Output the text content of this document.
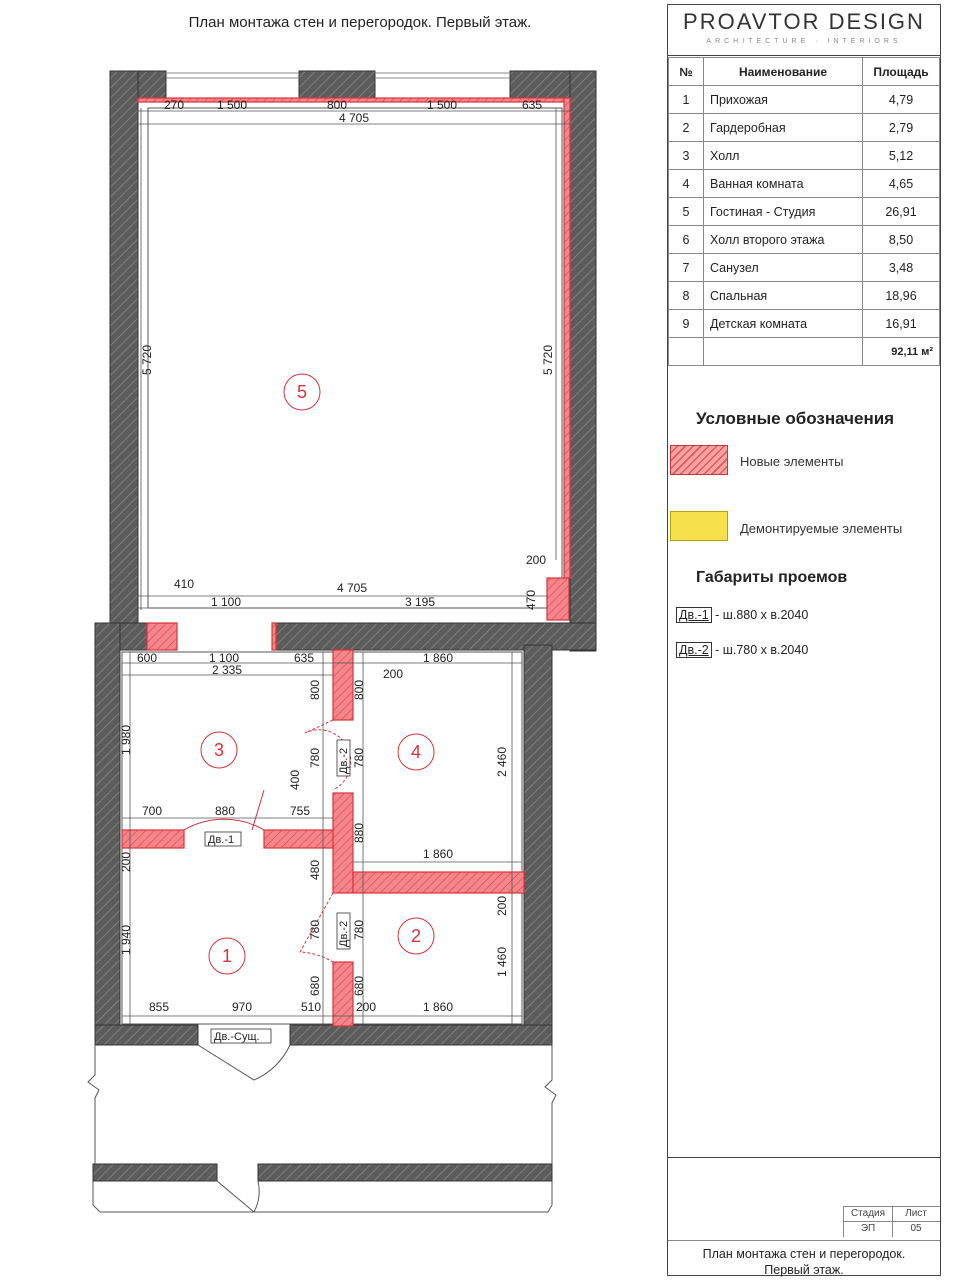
План монтажа стен и перегородок. Первый этаж.
5
3	4
1
2
Дв.-1
Дв.-2
Дв.-2
Дв.-Сущ.
270	1 500	800	1 500	635
4 705
5 720	5 720
410	4 705
1 100	3 195
200
470
600	1 100	635	1 860
2 335	200
800	800
780	780
400
1 980
2 460
700	880	755
880
480
1 860
200
200
780	780
1 940
1 460
680	680
855	970	510	200	1 860
PROAVTOR DESIGN
ARCHITECTURE · INTERIORS
№	Наименование	Площадь
1	Прихожая	4,79
2	Гардеробная	2,79
3	Холл	5,12
4	Ванная комната	4,65
5	Гостиная - Студия	26,91
6	Холл второго этажа	8,50
7	Санузел	3,48
8	Спальная	18,96
9	Детская комната	16,91
		92,11 м²
Условные обозначения
Новые элементы
Демонтируемые элементы
Габариты проемов
Дв.-1 - ш.880 х в.2040
Дв.-2 - ш.780 х в.2040
Стадия	Лист
ЭП	05
План монтажа стен и перегородок.
Первый этаж.
